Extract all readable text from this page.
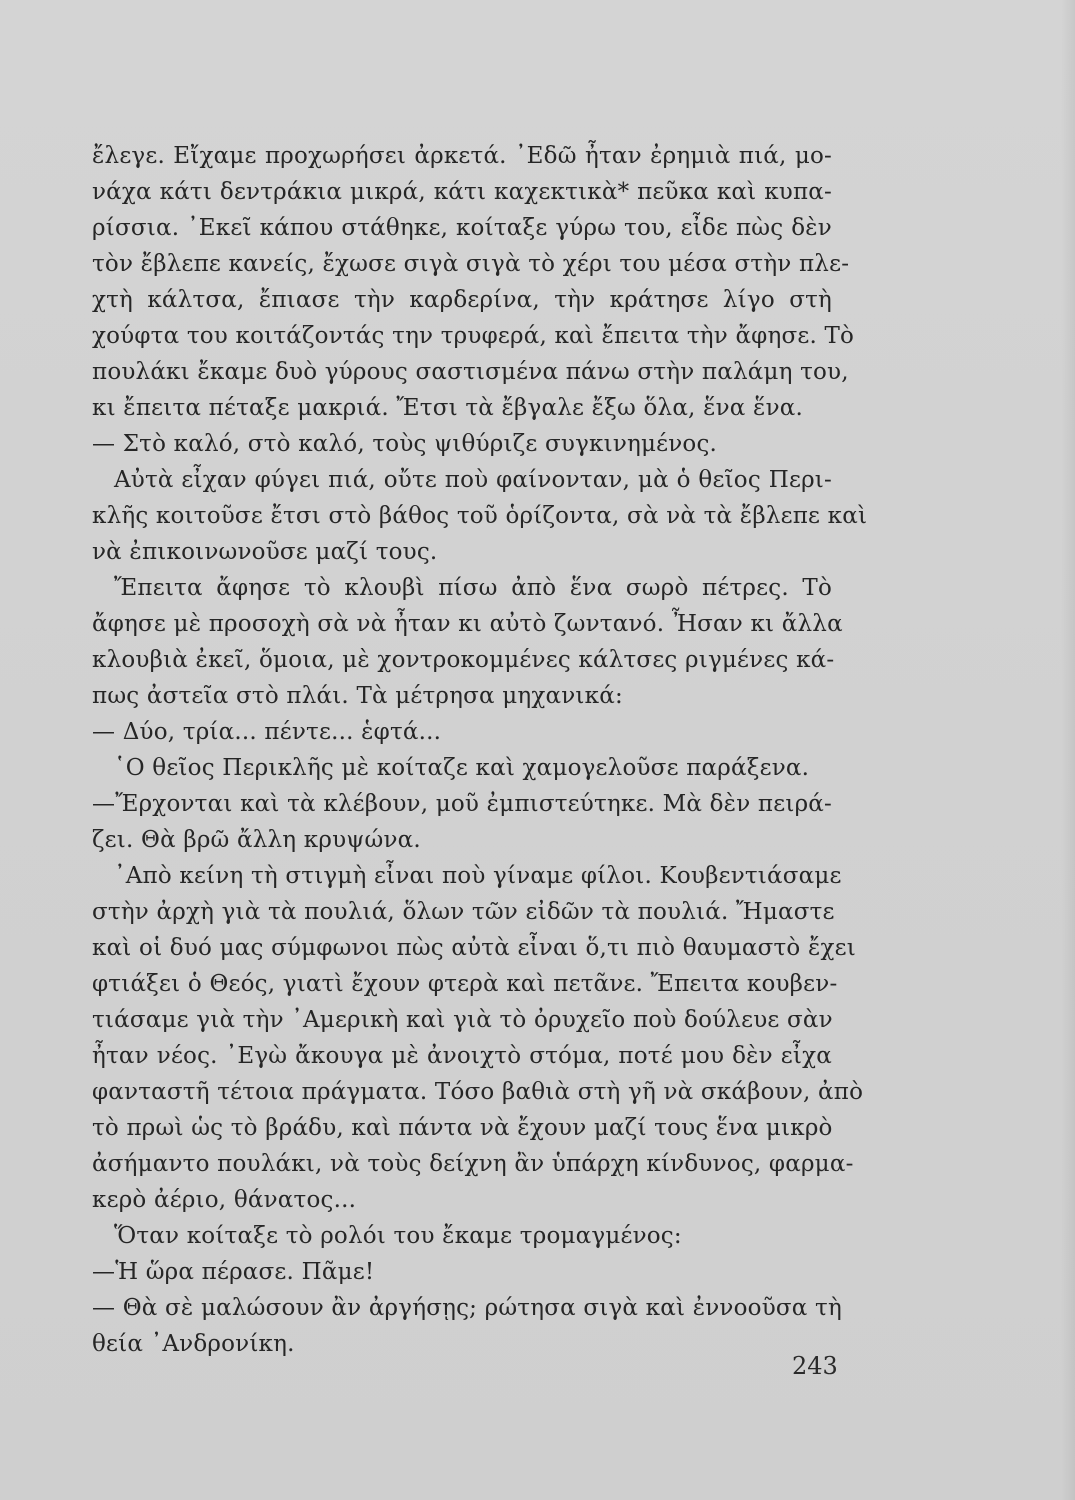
ἔλεγε. Εἴχαμε προχωρήσει ἀρκετά. ᾿Εδῶ ἦταν ἐρημιὰ πιά, μο-
νάχα κάτι δεντράκια μικρά, κάτι καχεκτικὰ* πεῦκα καὶ κυπα-
ρίσσια. ᾿Εκεῖ κάπου στάθηκε, κοίταξε γύρω του, εἶδε πὼς δὲν
τὸν ἔβλεπε κανείς, ἔχωσε σιγὰ σιγὰ τὸ χέρι του μέσα στὴν πλε-
χτὴ κάλτσα, ἔπιασε τὴν καρδερίνα, τὴν κράτησε λίγο στὴ
χούφτα του κοιτάζοντάς την τρυφερά, καὶ ἔπειτα τὴν ἄφησε. Τὸ
πουλάκι ἔκαμε δυὸ γύρους σαστισμένα πάνω στὴν παλάμη του,
κι ἔπειτα πέταξε μακριά. Ἔτσι τὰ ἔβγαλε ἔξω ὅλα, ἕνα ἕνα.
— Στὸ καλό, στὸ καλό, τοὺς ψιθύριζε συγκινημένος.
Αὐτὰ εἶχαν φύγει πιά, οὔτε ποὺ φαίνονταν, μὰ ὁ θεῖος Περι-
κλῆς κοιτοῦσε ἔτσι στὸ βάθος τοῦ ὁρίζοντα, σὰ νὰ τὰ ἔβλεπε καὶ
νὰ ἐπικοινωνοῦσε μαζί τους.
Ἔπειτα ἄφησε τὸ κλουβὶ πίσω ἀπὸ ἕνα σωρὸ πέτρες. Τὸ
ἄφησε μὲ προσοχὴ σὰ νὰ ἦταν κι αὐτὸ ζωντανό. Ἦσαν κι ἄλλα
κλουβιὰ ἐκεῖ, ὅμοια, μὲ χοντροκομμένες κάλτσες ριγμένες κά-
πως ἀστεῖα στὸ πλάι. Τὰ μέτρησα μηχανικά:
— Δύο, τρία... πέντε... ἑφτά...
῾Ο θεῖος Περικλῆς μὲ κοίταζε καὶ χαμογελοῦσε παράξενα.
—Ἔρχονται καὶ τὰ κλέβουν, μοῦ ἐμπιστεύτηκε. Μὰ δὲν πειρά-
ζει. Θὰ βρῶ ἄλλη κρυψώνα.
᾿Απὸ κείνη τὴ στιγμὴ εἶναι ποὺ γίναμε φίλοι. Κουβεντιάσαμε
στὴν ἀρχὴ γιὰ τὰ πουλιά, ὅλων τῶν εἰδῶν τὰ πουλιά. Ἤμαστε
καὶ οἱ δυό μας σύμφωνοι πὼς αὐτὰ εἶναι ὅ,τι πιὸ θαυμαστὸ ἔχει
φτιάξει ὁ Θεός, γιατὶ ἔχουν φτερὰ καὶ πετᾶνε. Ἔπειτα κουβεν-
τιάσαμε γιὰ τὴν ᾿Αμερικὴ καὶ γιὰ τὸ ὀρυχεῖο ποὺ δούλευε σὰν
ἦταν νέος. ᾿Εγὼ ἄκουγα μὲ ἀνοιχτὸ στόμα, ποτέ μου δὲν εἶχα
φανταστῆ τέτοια πράγματα. Τόσο βαθιὰ στὴ γῆ νὰ σκάβουν, ἀπὸ
τὸ πρωὶ ὡς τὸ βράδυ, καὶ πάντα νὰ ἔχουν μαζί τους ἕνα μικρὸ
ἀσήμαντο πουλάκι, νὰ τοὺς δείχνη ἂν ὑπάρχη κίνδυνος, φαρμα-
κερὸ ἀέριο, θάνατος...
Ὅταν κοίταξε τὸ ρολόι του ἔκαμε τρομαγμένος:
—Ἡ ὥρα πέρασε. Πᾶμε!
— Θὰ σὲ μαλώσουν ἂν ἀργήσῃς; ρώτησα σιγὰ καὶ ἐννοοῦσα τὴ
θεία ᾿Ανδρονίκη.
243
